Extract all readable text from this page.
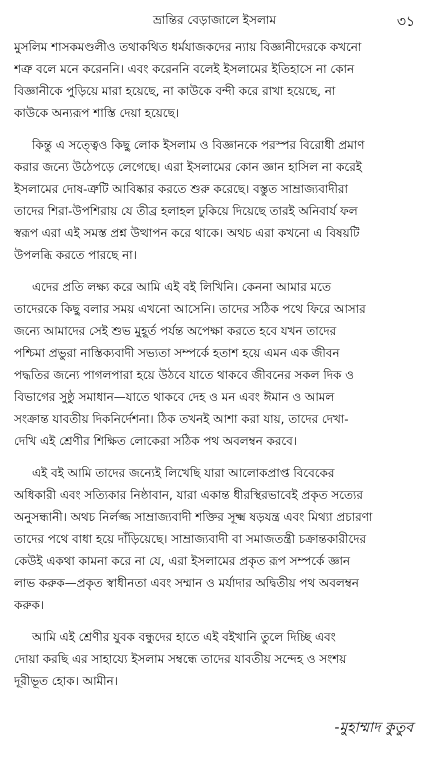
ভ্রান্তির বেড়াজালে ইসলাম	৩১
মুসলিম শাসকমণ্ডলীও তথাকথিত ধর্মযাজকদের ন্যায় বিজ্ঞানীদেরকে কখনো
শত্রু বলে মনে করেননি। এবং করেননি বলেই ইসলামের ইতিহাসে না কোন
বিজ্ঞানীকে পুড়িয়ে মারা হয়েছে, না কাউকে বন্দী করে রাখা হয়েছে, না
কাউকে অন্যরূপ শাস্তি দেয়া হয়েছে।
কিন্তু এ সত্ত্বেও কিছু লোক ইসলাম ও বিজ্ঞানকে পরস্পর বিরোধী প্রমাণ
করার জন্যে উঠেপড়ে লেগেছে। এরা ইসলামের কোন জ্ঞান হাসিল না করেই
ইসলামের দোষ-ত্রুটি আবিষ্কার করতে শুরু করেছে। বস্তুত সাম্রাজ্যবাদীরা
তাদের শিরা-উপশিরায় যে তীব্র হলাহল ঢুকিয়ে দিয়েছে তারই অনিবার্য ফল
স্বরূপ এরা এই সমস্ত প্রশ্ন উত্থাপন করে থাকে। অথচ এরা কখনো এ বিষয়টি
উপলব্ধি করতে পারছে না।
এদের প্রতি লক্ষ্য করে আমি এই বই লিখিনি। কেননা আমার মতে
তাদেরকে কিছু বলার সময় এখনো আসেনি। তাদের সঠিক পথে ফিরে আসার
জন্যে আমাদের সেই শুভ মুহূর্ত পর্যন্ত অপেক্ষা করতে হবে যখন তাদের
পশ্চিমা প্রভুরা নাস্তিক্যবাদী সভ্যতা সম্পর্কে হতাশ হয়ে এমন এক জীবন
পদ্ধতির জন্যে পাগলপারা হয়ে উঠবে যাতে থাকবে জীবনের সকল দিক ও
বিভাগের সুষ্ঠু সমাধান—যাতে থাকবে দেহ ও মন এবং ঈমান ও আমল
সংক্রান্ত যাবতীয় দিকনির্দেশনা। ঠিক তখনই আশা করা যায়, তাদের দেখা-
দেখি এই শ্রেণীর শিক্ষিত লোকেরা সঠিক পথ অবলম্বন করবে।
এই বই আমি তাদের জন্যেই লিখেছি যারা আলোকপ্রাপ্ত বিবেকের
অধিকারী এবং সত্যিকার নিষ্ঠাবান, যারা একান্ত ধীরস্থিরভাবেই প্রকৃত সত্যের
অনুসন্ধানী। অথচ নির্লজ্জ সাম্রাজ্যবাদী শক্তির সূক্ষ্ম ষড়যন্ত্র এবং মিথ্যা প্রচারণা
তাদের পথে বাধা হয়ে দাঁড়িয়েছে। সাম্রাজ্যবাদী বা সমাজতন্ত্রী চক্রান্তকারীদের
কেউই একথা কামনা করে না যে, এরা ইসলামের প্রকৃত রূপ সম্পর্কে জ্ঞান
লাভ করুক—প্রকৃত স্বাধীনতা এবং সম্মান ও মর্যাদার অদ্বিতীয় পথ অবলম্বন
করুক।
আমি এই শ্রেণীর যুবক বন্ধুদের হাতে এই বইখানি তুলে দিচ্ছি এবং
দোয়া করছি এর সাহায্যে ইসলাম সম্বন্ধে তাদের যাবতীয় সন্দেহ ও সংশয়
দূরীভূত হোক। আমীন।
-মুহাম্মাদ কুতুব
